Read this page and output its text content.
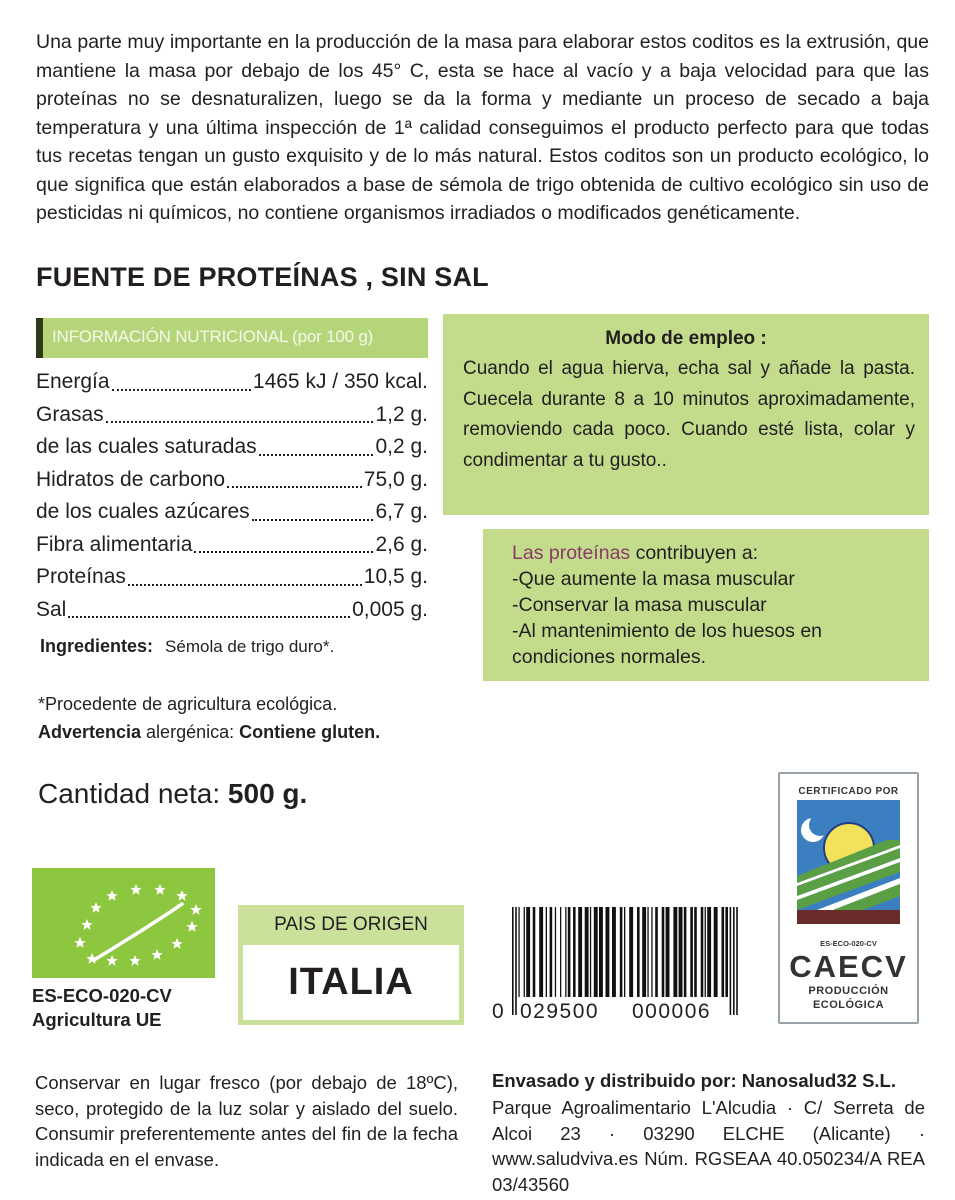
Una parte muy importante en la producción de la masa para elaborar estos coditos es la extrusión, que mantiene la masa por debajo de los 45° C, esta se hace al vacío y a baja velocidad para que las proteínas no se desnaturalizen, luego se da la forma y mediante un proceso de secado a baja temperatura y una última inspección de 1ª calidad conseguimos el producto perfecto para que todas tus recetas tengan un gusto exquisito y de lo más natural. Estos coditos son un producto ecológico, lo que significa que están elaborados a base de sémola de trigo obtenida de cultivo ecológico sin uso de pesticidas ni químicos, no contiene organismos irradiados o modificados genéticamente.

FUENTE DE PROTEÍNAS , SIN SAL
INFORMACIÓN NUTRICIONAL (por 100 g)
Energía	1465 kJ / 350 kcal.
Grasas	1,2 g.
de las cuales saturadas	0,2 g.
Hidratos de carbono	75,0 g.
de los cuales azúcares	6,7 g.
Fibra alimentaria	2,6 g.
Proteínas	10,5 g.
Sal	0,005 g.
Ingredientes: Sémola de trigo duro*.
*Procedente de agricultura ecológica.
Advertencia alergénica: Contiene gluten.
Cantidad neta: 500 g.
Modo de empleo :

Cuando el agua hierva, echa sal y añade la pasta. Cuecela durante 8 a 10 minutos aproximadamente, removiendo cada poco. Cuando esté lista, colar y condimentar a tu gusto..

Las proteínas contribuyen a:
-Que aumente la masa muscular
-Conservar la masa muscular
-Al mantenimiento de los huesos en condiciones normales.
ES-ECO-020-CV
Agricultura UE
PAIS DE ORIGEN
ITALIA
0 029500 000006
CERTIFICADO POR
ES-ECO-020-CV
CAECV
PRODUCCIÓN
ECOLÓGICA

Conservar en lugar fresco (por debajo de 18ºC), seco, protegido de la luz solar y aislado del suelo. Consumir preferentemente antes del fin de la fecha indicada en el envase.

Envasado y distribuido por: Nanosalud32 S.L.

Parque Agroalimentario L'Alcudia · C/ Serreta de Alcoi 23 · 03290 ELCHE (Alicante) · www.saludviva.es Núm. RGSEAA 40.050234/A REA 03/43560
